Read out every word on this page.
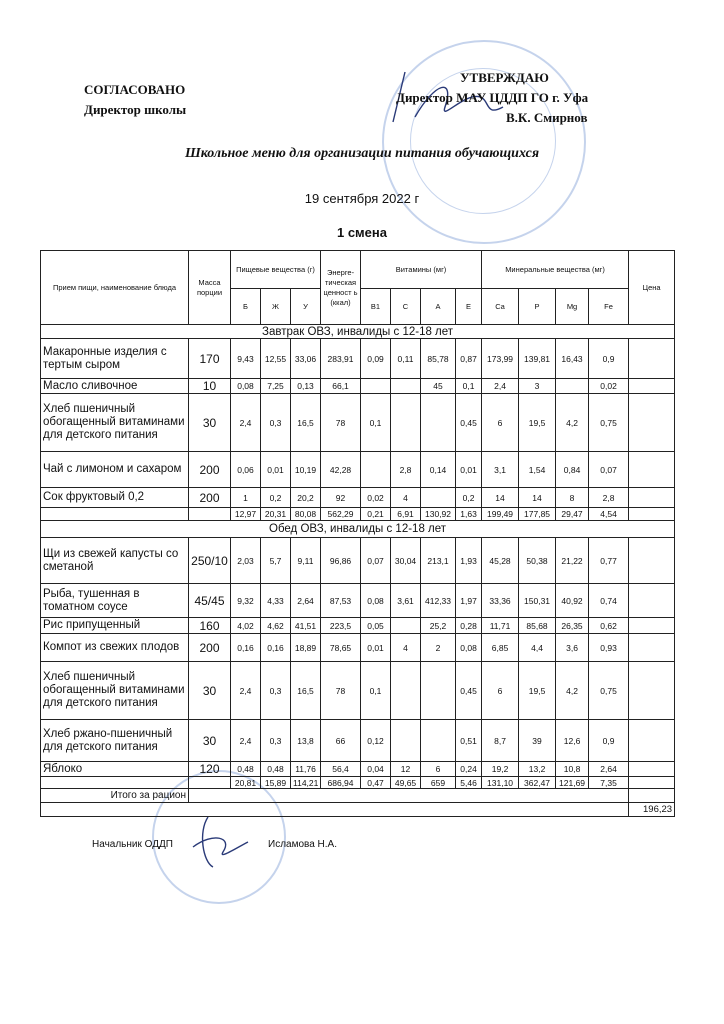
СОГЛАСОВАНО
Директор школы
УТВЕРЖДАЮ
Директор МАУ ЦДДП ГО г. Уфа
В.К. Смирнов
Школьное меню для организации питания обучающихся
19 сентября 2022 г
1 смена
Прием пищи, наименование блюда	Масса порции	Пищевые вещества (г)			Энерге-тическая ценност ь (ккал)	Витамины (мг)				Минеральные вещества (мг)				Цена
		Б	Ж	У		В1	С	А	Е	Ca	P	Mg	Fe	
Завтрак ОВЗ, инвалиды с 12-18 лет														
Макаронные изделия с тертым сыром	170	9,43	12,55	33,06	283,91	0,09	0,11	85,78	0,87	173,99	139,81	16,43	0,9	
Масло сливочное	10	0,08	7,25	0,13	66,1			45	0,1	2,4	3		0,02	
Хлеб пшеничный обогащенный витаминами для детского питания	30	2,4	0,3	16,5	78	0,1			0,45	6	19,5	4,2	0,75	
Чай с лимоном и сахаром	200	0,06	0,01	10,19	42,28		2,8	0,14	0,01	3,1	1,54	0,84	0,07	
Сок фруктовый 0,2	200	1	0,2	20,2	92	0,02	4		0,2	14	14	8	2,8	
		12,97	20,31	80,08	562,29	0,21	6,91	130,92	1,63	199,49	177,85	29,47	4,54	
Обед ОВЗ, инвалиды с 12-18 лет														
Щи из свежей капусты со сметаной	250/10	2,03	5,7	9,11	96,86	0,07	30,04	213,1	1,93	45,28	50,38	21,22	0,77	
Рыба, тушенная в томатном соусе	45/45	9,32	4,33	2,64	87,53	0,08	3,61	412,33	1,97	33,36	150,31	40,92	0,74	
Рис припущенный	160	4,02	4,62	41,51	223,5	0,05		25,2	0,28	11,71	85,68	26,35	0,62	
Компот из свежих плодов	200	0,16	0,16	18,89	78,65	0,01	4	2	0,08	6,85	4,4	3,6	0,93	
Хлеб пшеничный обогащенный витаминами для детского питания	30	2,4	0,3	16,5	78	0,1			0,45	6	19,5	4,2	0,75	
Хлеб ржано-пшеничный для детского питания	30	2,4	0,3	13,8	66	0,12			0,51	8,7	39	12,6	0,9	
Яблоко	120	0,48	0,48	11,76	56,4	0,04	12	6	0,24	19,2	13,2	10,8	2,64	
		20,81	15,89	114,21	686,94	0,47	49,65	659	5,46	131,10	362,47	121,69	7,35	
Итого за рацион														
														196,23
Начальник ОДДП	Исламова Н.А.
